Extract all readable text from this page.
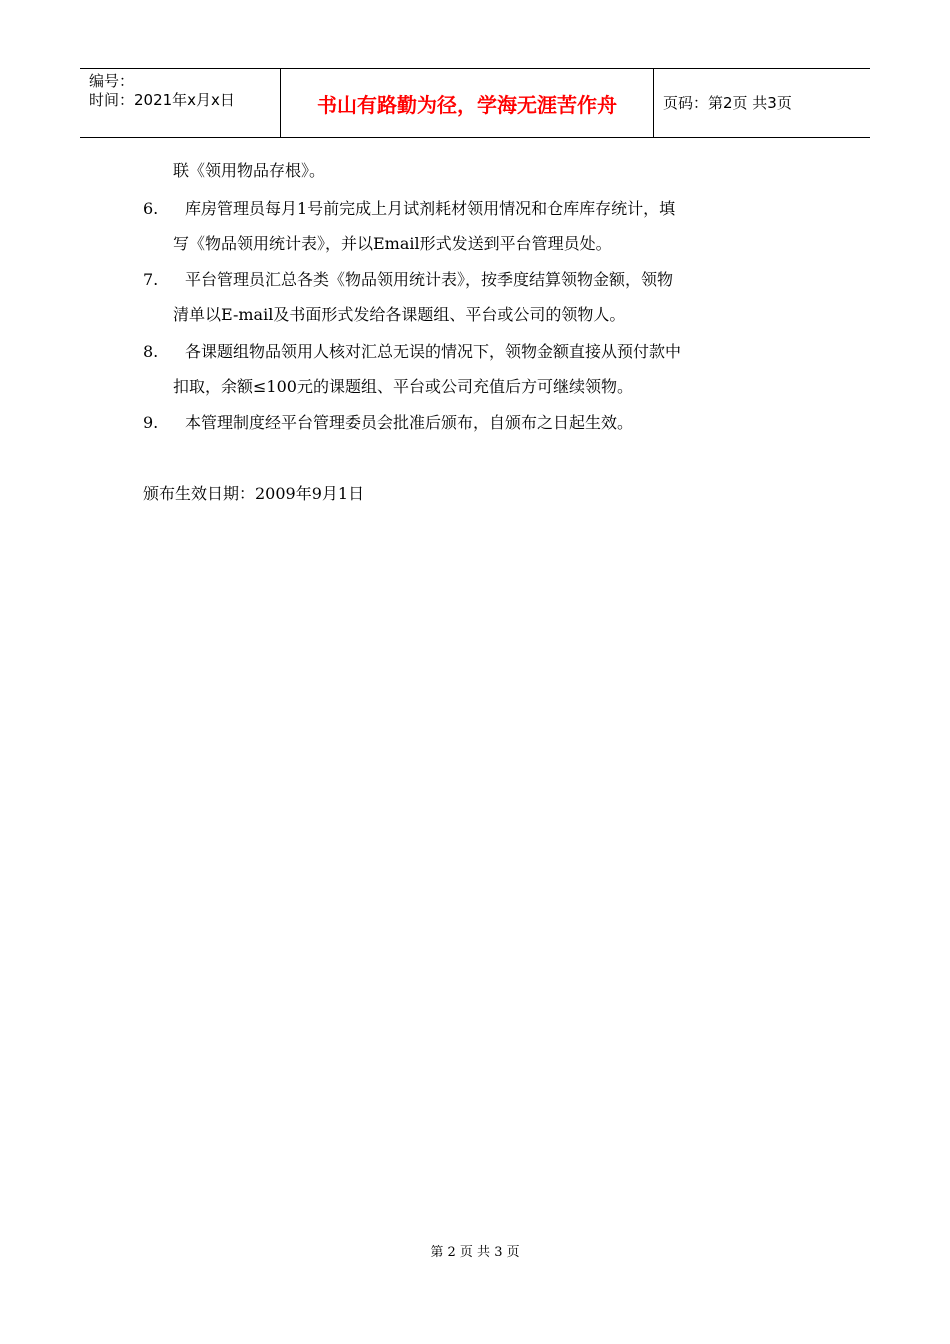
编号：
时间：2021年x月x日	书山有路勤为径，学海无涯苦作舟	页码：第2页 共3页
联《领用物品存根》。
6. 库房管理员每月1号前完成上月试剂耗材领用情况和仓库库存统计，填
写《物品领用统计表》，并以Email形式发送到平台管理员处。
7. 平台管理员汇总各类《物品领用统计表》，按季度结算领物金额，领物
清单以E-mail及书面形式发给各课题组、平台或公司的领物人。
8. 各课题组物品领用人核对汇总无误的情况下，领物金额直接从预付款中
扣取，余额≤100元的课题组、平台或公司充值后方可继续领物。
9. 本管理制度经平台管理委员会批准后颁布，自颁布之日起生效。
颁布生效日期：2009年9月1日
第 2 页 共 3 页
